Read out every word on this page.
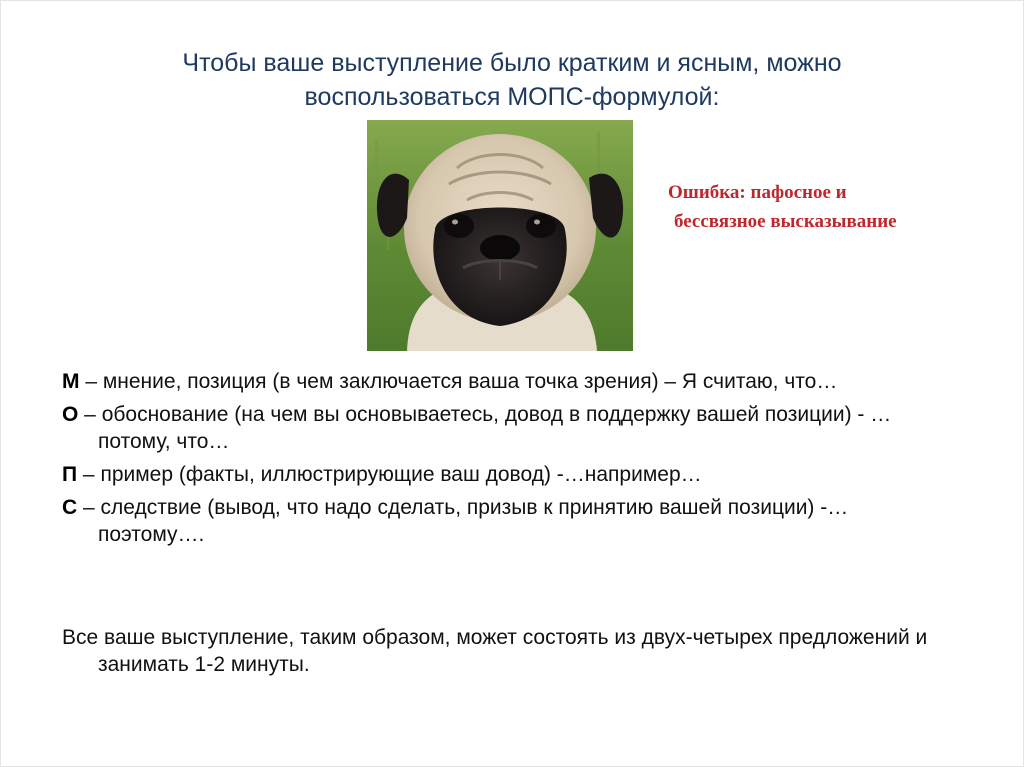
Чтобы ваше выступление было кратким и ясным, можно
воспользоваться МОПС-формулой:
Ошибка: пафосное и
бессвязное высказывание
М – мнение, позиция (в чем заключается ваша точка зрения) – Я считаю, что…
О – обоснование (на чем вы основываетесь, довод в поддержку вашей позиции) - …потому, что…
П – пример (факты, иллюстрирующие ваш довод) -…например…
С – следствие (вывод, что надо сделать, призыв к принятию вашей позиции) -…поэтому….

Все ваше выступление, таким образом, может состоять из двух-четырех предложений и занимать 1-2 минуты.
